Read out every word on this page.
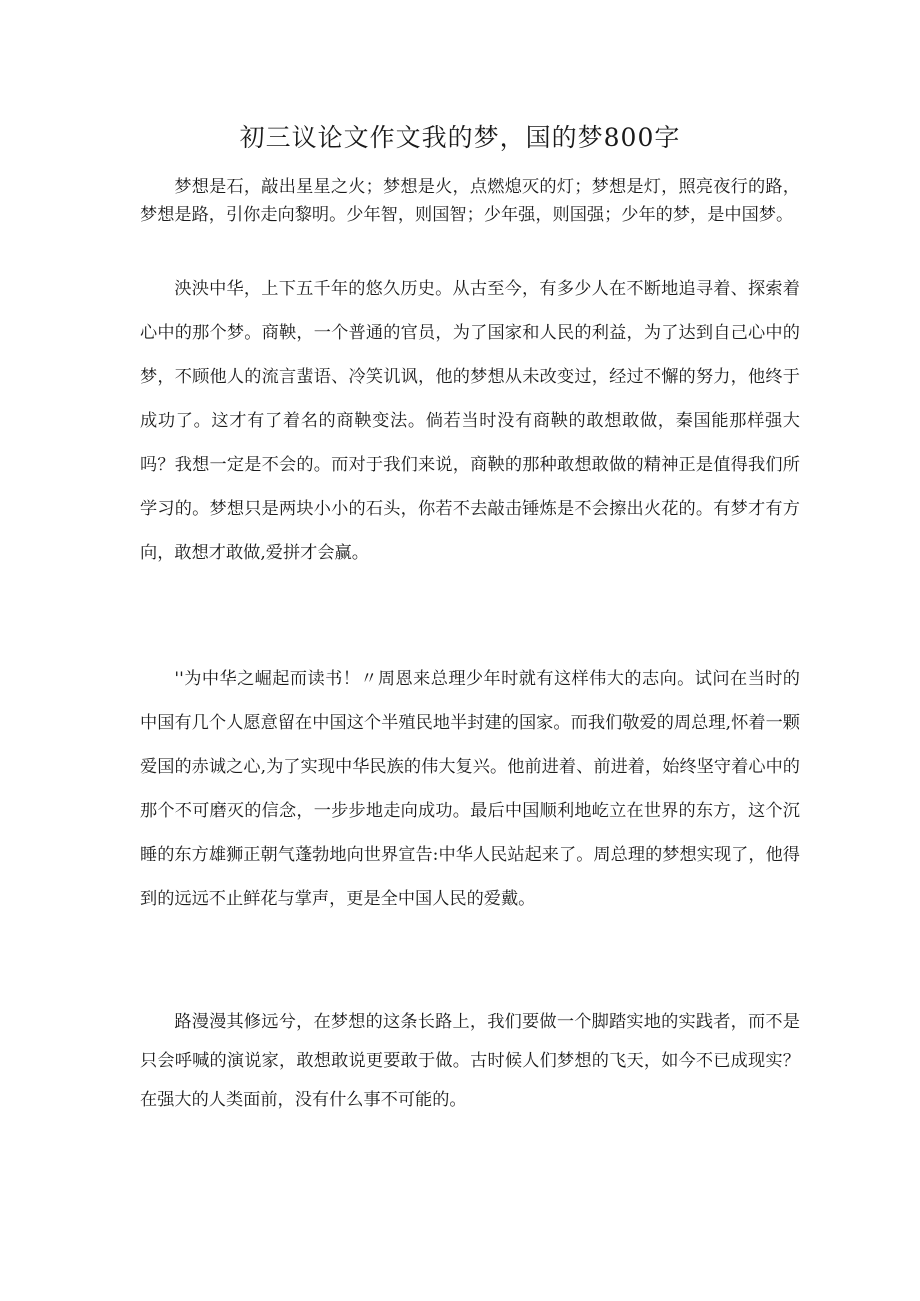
初三议论文作文我的梦，国的梦800字

梦想是石，敲出星星之火；梦想是火，点燃熄灭的灯；梦想是灯，照亮夜行的路，梦想是路，引你走向黎明。少年智，则国智；少年强，则国强；少年的梦，是中国梦。

泱泱中华，上下五千年的悠久历史。从古至今，有多少人在不断地追寻着、探索着心中的那个梦。商鞅，一个普通的官员，为了国家和人民的利益，为了达到自己心中的梦，不顾他人的流言蜚语、冷笑讥讽，他的梦想从未改变过，经过不懈的努力，他终于成功了。这才有了着名的商鞅变法。倘若当时没有商鞅的敢想敢做，秦国能那样强大吗？我想一定是不会的。而对于我们来说，商鞅的那种敢想敢做的精神正是值得我们所学习的。梦想只是两块小小的石头，你若不去敲击锤炼是不会擦出火花的。有梦才有方向，敢想才敢做,爱拼才会赢。

''为中华之崛起而读书！〃周恩来总理少年时就有这样伟大的志向。试问在当时的中国有几个人愿意留在中国这个半殖民地半封建的国家。而我们敬爱的周总理,怀着一颗爱国的赤诚之心,为了实现中华民族的伟大复兴。他前进着、前进着，始终坚守着心中的那个不可磨灭的信念，一步步地走向成功。最后中国顺利地屹立在世界的东方，这个沉睡的东方雄狮正朝气蓬勃地向世界宣告:中华人民站起来了。周总理的梦想实现了，他得到的远远不止鲜花与掌声，更是全中国人民的爱戴。

路漫漫其修远兮，在梦想的这条长路上，我们要做一个脚踏实地的实践者，而不是只会呼喊的演说家，敢想敢说更要敢于做。古时候人们梦想的飞天，如今不已成现实？在强大的人类面前，没有什么事不可能的。
